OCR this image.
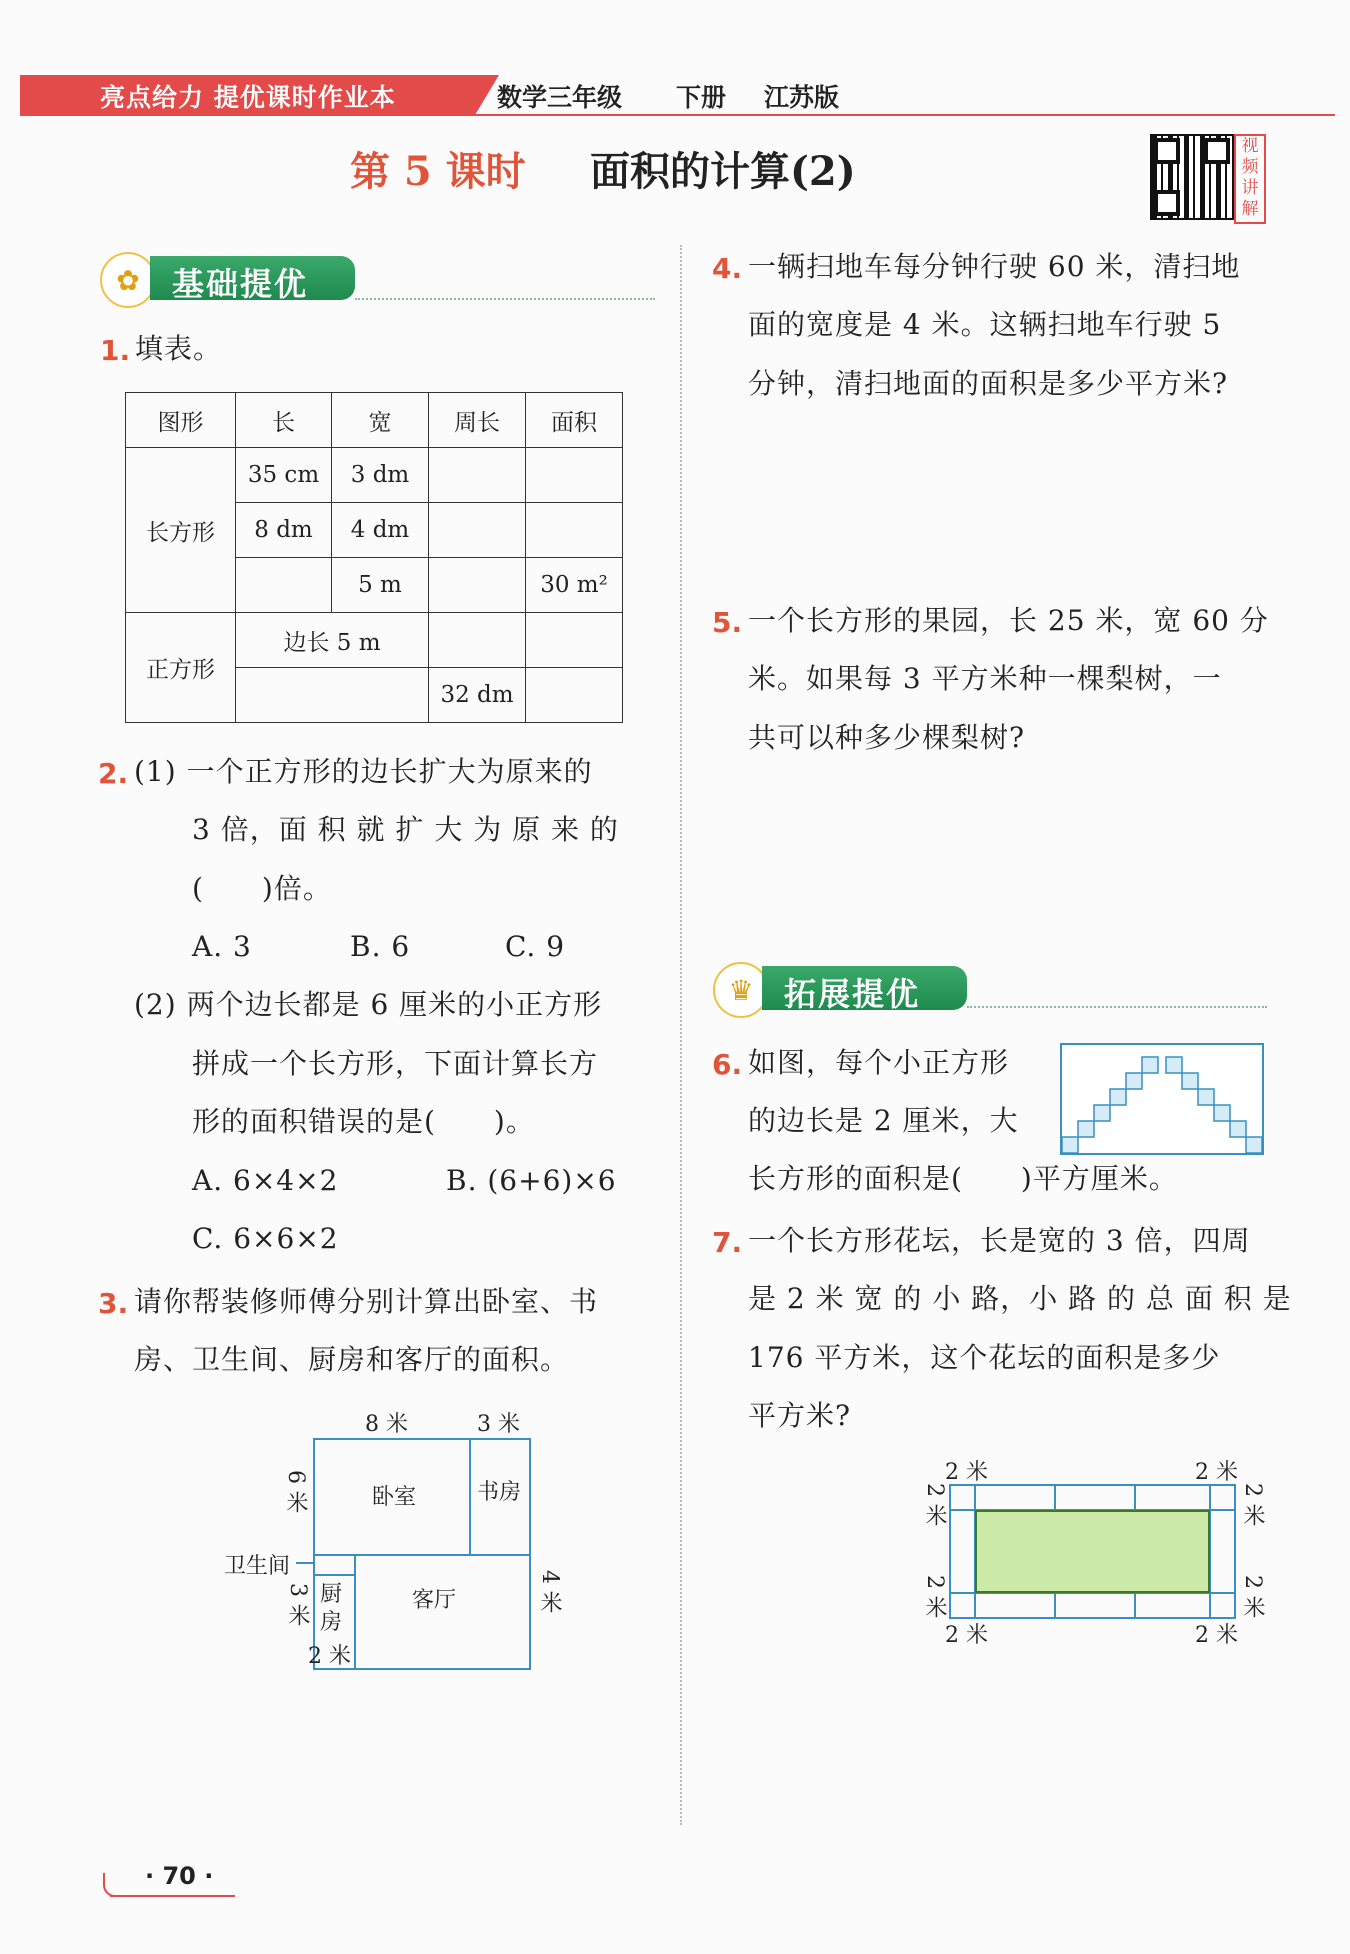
亮点给力 提优课时作业本	数学三年级 下册 江苏版
第 5 课时 面积的计算(2)
视频讲解
✿	基础提优
1. 填表。
图形	长	宽	周长	面积
长方形	35 cm	3 dm		
	8 dm	4 dm		
		5 m		30 m²
正方形	边长 5 m			
			32 dm	
2. (1) 一个正方形的边长扩大为原来的
3 倍，面 积 就 扩 大 为 原 来 的
(　　)倍。
A. 3	B. 6	C. 9
(2) 两个边长都是 6 厘米的小正方形
拼成一个长方形，下面计算长方
形的面积错误的是(　　)。
A. 6×4×2	B. (6+6)×6
C. 6×6×2
3. 请你帮装修师傅分别计算出卧室、书
房、卫生间、厨房和客厅的面积。
8 米	3 米
6 米
3 米	4 米
2 米
卧室	书房
卫生间
厨房
客厅
4. 一辆扫地车每分钟行驶 60 米，清扫地
面的宽度是 4 米。这辆扫地车行驶 5
分钟，清扫地面的面积是多少平方米?
5. 一个长方形的果园，长 25 米，宽 60 分
米。如果每 3 平方米种一棵梨树，一
共可以种多少棵梨树?
♛ 拓展提优
6. 如图，每个小正方形
的边长是 2 厘米，大
长方形的面积是(　　)平方厘米。
7. 一个长方形花坛，长是宽的 3 倍，四周
是 2 米 宽 的 小 路，小 路 的 总 面 积 是
176 平方米，这个花坛的面积是多少
平方米?
2 米	2 米
2 米	2 米
2 米
2 米
2 米
2 米
· 70 ·
